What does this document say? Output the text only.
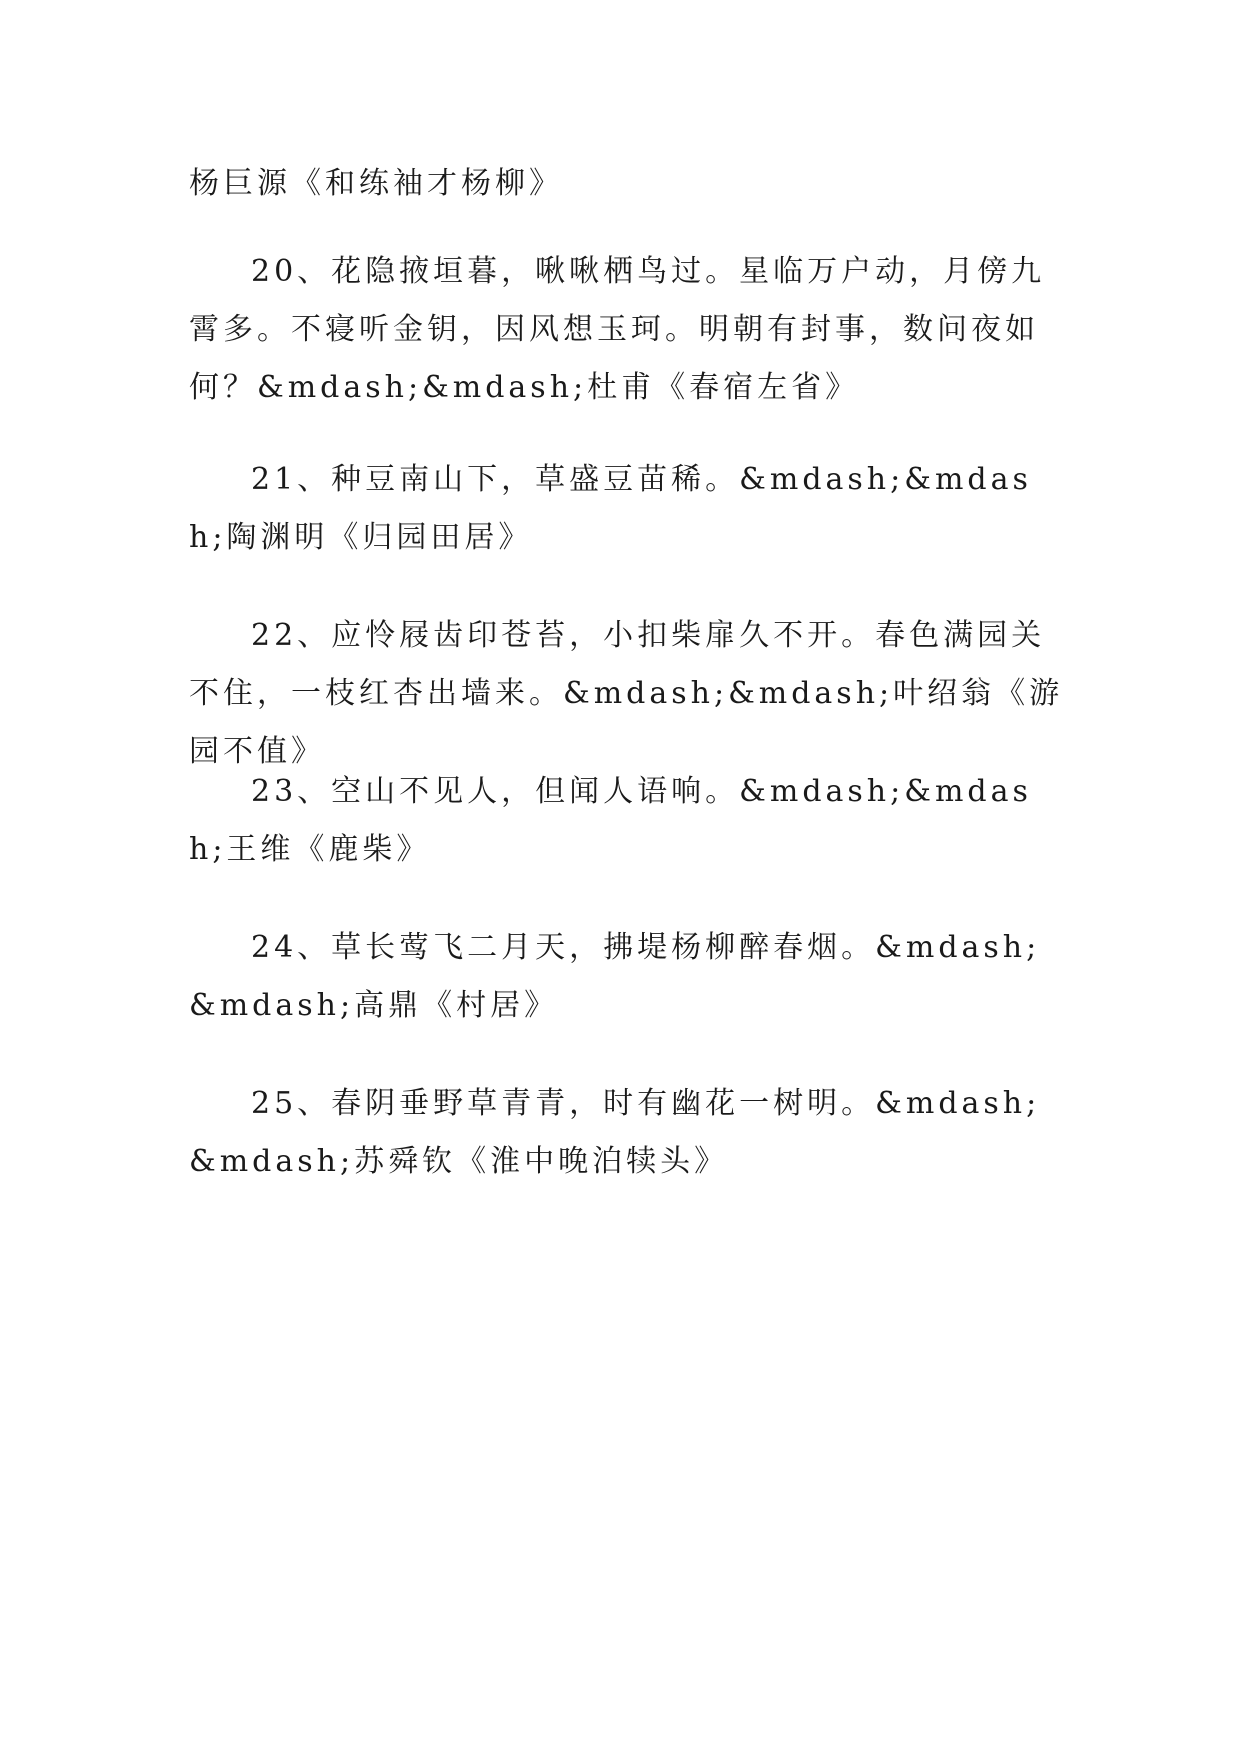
杨巨源《和练袖才杨柳》

20、花隐掖垣暮，啾啾栖鸟过。星临万户动，月傍九霄多。不寝听金钥，因风想玉珂。明朝有封事，数问夜如何？&mdash;&mdash;杜甫《春宿左省》

21、种豆南山下，草盛豆苗稀。&mdash;&mdash;陶渊明《归园田居》

22、应怜屐齿印苍苔，小扣柴扉久不开。春色满园关不住，一枝红杏出墙来。&mdash;&mdash;叶绍翁《游园不值》

23、空山不见人，但闻人语响。&mdash;&mdash;王维《鹿柴》

24、草长莺飞二月天，拂堤杨柳醉春烟。&mdash;&mdash;高鼎《村居》

25、春阴垂野草青青，时有幽花一树明。&mdash;&mdash;苏舜钦《淮中晚泊犊头》
